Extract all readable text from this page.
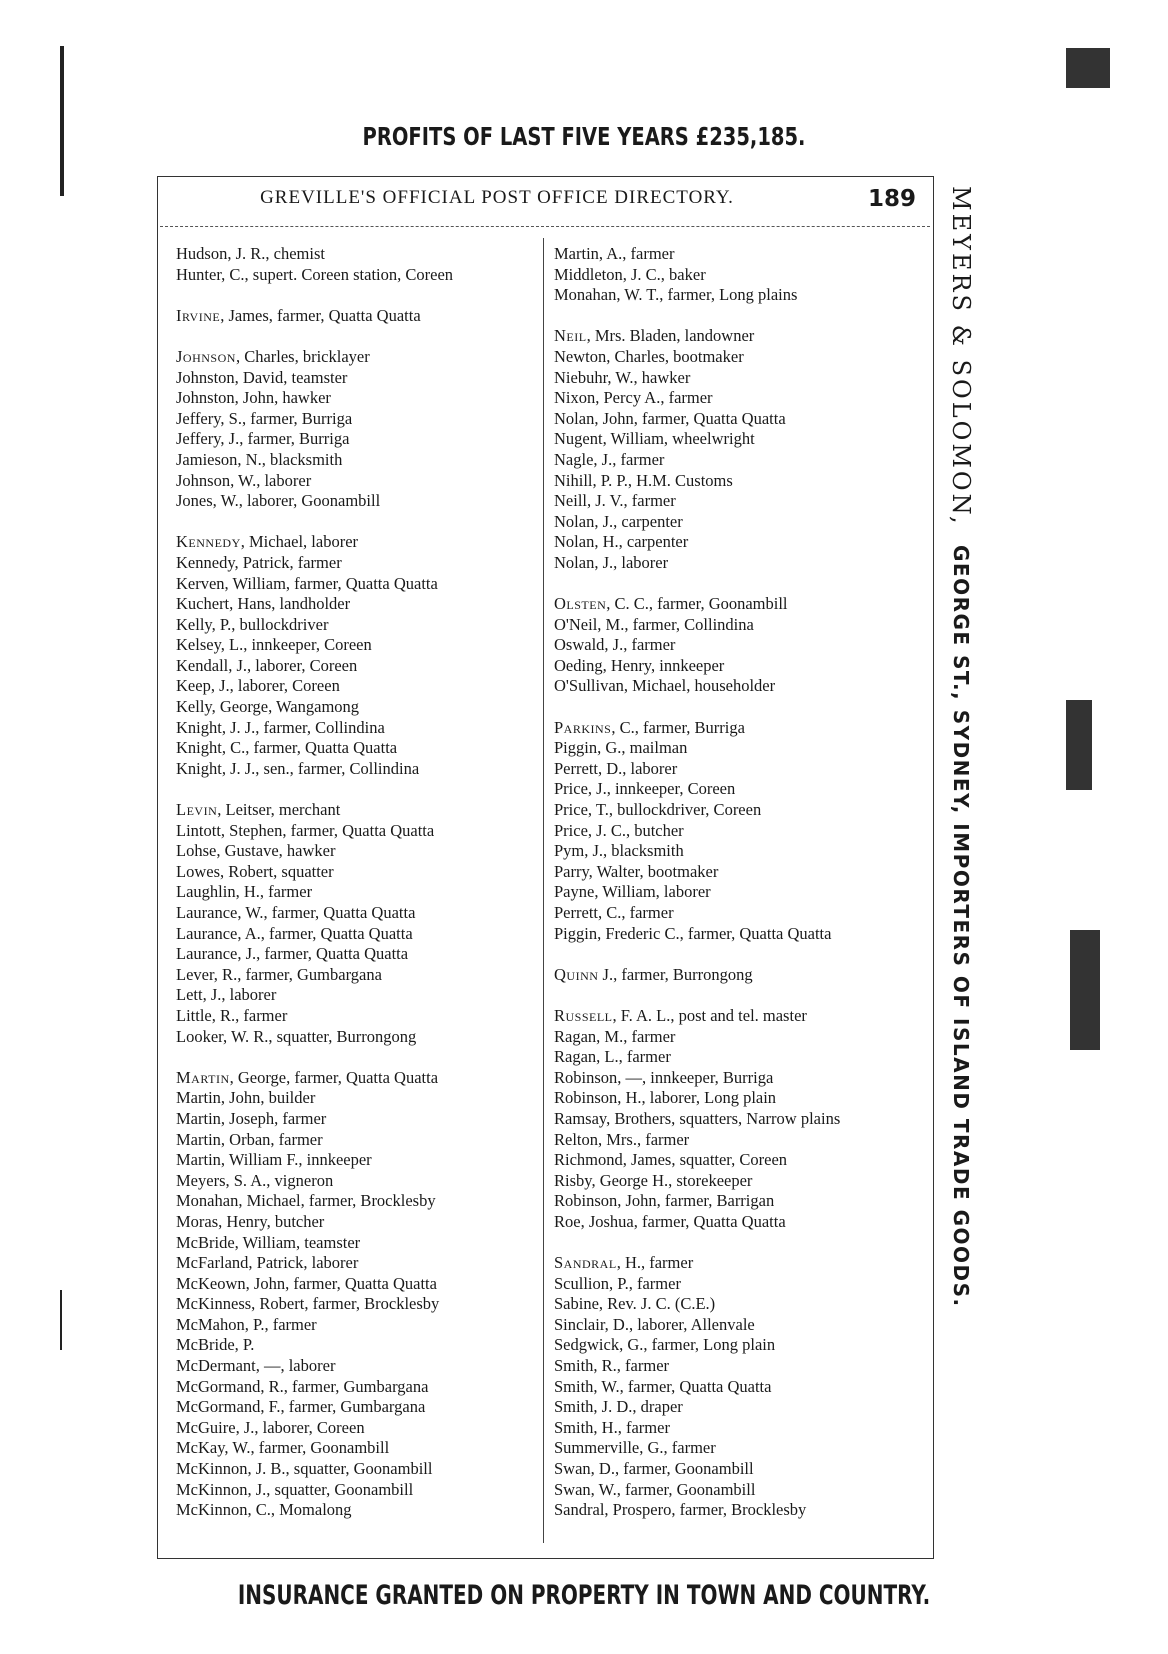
PROFITS OF LAST FIVE YEARS £235,185.
GREVILLE'S OFFICIAL POST OFFICE DIRECTORY.	189
Hudson, J. R., chemist
Hunter, C., supert. Coreen station, Coreen
Irvine, James, farmer, Quatta Quatta
Johnson, Charles, bricklayer
Johnston, David, teamster
Johnston, John, hawker
Jeffery, S., farmer, Burriga
Jeffery, J., farmer, Burriga
Jamieson, N., blacksmith
Johnson, W., laborer
Jones, W., laborer, Goonambill
Kennedy, Michael, laborer
Kennedy, Patrick, farmer
Kerven, William, farmer, Quatta Quatta
Kuchert, Hans, landholder
Kelly, P., bullockdriver
Kelsey, L., innkeeper, Coreen
Kendall, J., laborer, Coreen
Keep, J., laborer, Coreen
Kelly, George, Wangamong
Knight, J. J., farmer, Collindina
Knight, C., farmer, Quatta Quatta
Knight, J. J., sen., farmer, Collindina
Levin, Leitser, merchant
Lintott, Stephen, farmer, Quatta Quatta
Lohse, Gustave, hawker
Lowes, Robert, squatter
Laughlin, H., farmer
Laurance, W., farmer, Quatta Quatta
Laurance, A., farmer, Quatta Quatta
Laurance, J., farmer, Quatta Quatta
Lever, R., farmer, Gumbargana
Lett, J., laborer
Little, R., farmer
Looker, W. R., squatter, Burrongong
Martin, George, farmer, Quatta Quatta
Martin, John, builder
Martin, Joseph, farmer
Martin, Orban, farmer
Martin, William F., innkeeper
Meyers, S. A., vigneron
Monahan, Michael, farmer, Brocklesby
Moras, Henry, butcher
McBride, William, teamster
McFarland, Patrick, laborer
McKeown, John, farmer, Quatta Quatta
McKinness, Robert, farmer, Brocklesby
McMahon, P., farmer
McBride, P.
McDermant, —, laborer
McGormand, R., farmer, Gumbargana
McGormand, F., farmer, Gumbargana
McGuire, J., laborer, Coreen
McKay, W., farmer, Goonambill
McKinnon, J. B., squatter, Goonambill
McKinnon, J., squatter, Goonambill
McKinnon, C., Momalong
Martin, A., farmer
Middleton, J. C., baker
Monahan, W. T., farmer, Long plains
Neil, Mrs. Bladen, landowner
Newton, Charles, bootmaker
Niebuhr, W., hawker
Nixon, Percy A., farmer
Nolan, John, farmer, Quatta Quatta
Nugent, William, wheelwright
Nagle, J., farmer
Nihill, P. P., H.M. Customs
Neill, J. V., farmer
Nolan, J., carpenter
Nolan, H., carpenter
Nolan, J., laborer
Olsten, C. C., farmer, Goonambill
O'Neil, M., farmer, Collindina
Oswald, J., farmer
Oeding, Henry, innkeeper
O'Sullivan, Michael, householder
Parkins, C., farmer, Burriga
Piggin, G., mailman
Perrett, D., laborer
Price, J., innkeeper, Coreen
Price, T., bullockdriver, Coreen
Price, J. C., butcher
Pym, J., blacksmith
Parry, Walter, bootmaker
Payne, William, laborer
Perrett, C., farmer
Piggin, Frederic C., farmer, Quatta Quatta
Quinn J., farmer, Burrongong
Russell, F. A. L., post and tel. master
Ragan, M., farmer
Ragan, L., farmer
Robinson, —, innkeeper, Burriga
Robinson, H., laborer, Long plain
Ramsay, Brothers, squatters, Narrow plains
Relton, Mrs., farmer
Richmond, James, squatter, Coreen
Risby, George H., storekeeper
Robinson, John, farmer, Barrigan
Roe, Joshua, farmer, Quatta Quatta
Sandral, H., farmer
Scullion, P., farmer
Sabine, Rev. J. C. (C.E.)
Sinclair, D., laborer, Allenvale
Sedgwick, G., farmer, Long plain
Smith, R., farmer
Smith, W., farmer, Quatta Quatta
Smith, J. D., draper
Smith, H., farmer
Summerville, G., farmer
Swan, D., farmer, Goonambill
Swan, W., farmer, Goonambill
Sandral, Prospero, farmer, Brocklesby
MEYERS & SOLOMON, GEORGE ST., SYDNEY, IMPORTERS OF ISLAND TRADE GOODS.
INSURANCE GRANTED ON PROPERTY IN TOWN AND COUNTRY.
